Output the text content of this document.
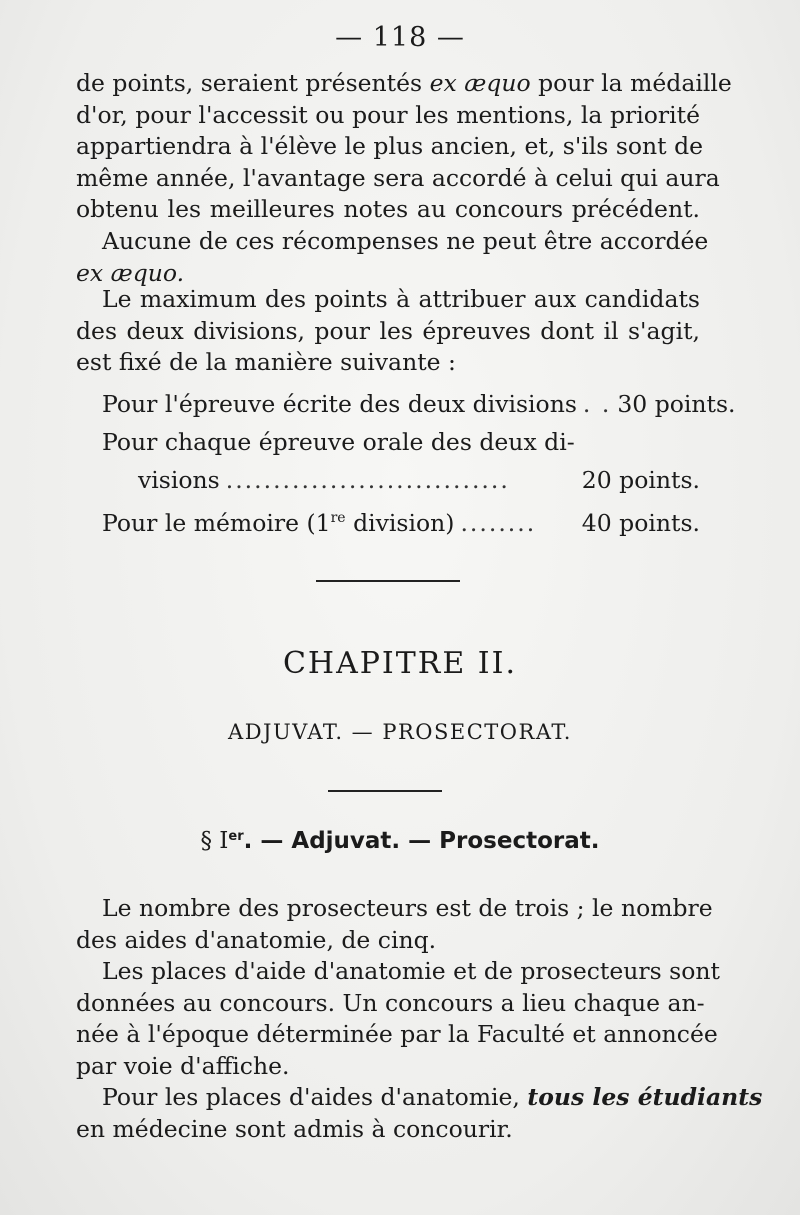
— 118 —
de points, seraient présentés ex æquo pour la médaille
d'or, pour l'accessit ou pour les mentions, la priorité
appartiendra à l'élève le plus ancien, et, s'ils sont de
même année, l'avantage sera accordé à celui qui aura
obtenu les meilleures notes au concours précédent.
Aucune de ces récompenses ne peut être accordée
ex æquo.
Le maximum des points à attribuer aux candidats
des deux divisions, pour les épreuves dont il s'agit,
est fixé de la manière suivante :
Pour l'épreuve écrite des deux divisions . . 30 points.
Pour chaque épreuve orale des deux di-
visions ..............................	20 points.
Pour le mémoire (1re division) ........	40 points.
CHAPITRE II.
ADJUVAT. — PROSECTORAT.
§ Ier. — Adjuvat. — Prosectorat.
Le nombre des prosecteurs est de trois ; le nombre
des aides d'anatomie, de cinq.
Les places d'aide d'anatomie et de prosecteurs sont
données au concours. Un concours a lieu chaque an-
née à l'époque déterminée par la Faculté et annoncée
par voie d'affiche.
Pour les places d'aides d'anatomie, tous les étudiants
en médecine sont admis à concourir.
